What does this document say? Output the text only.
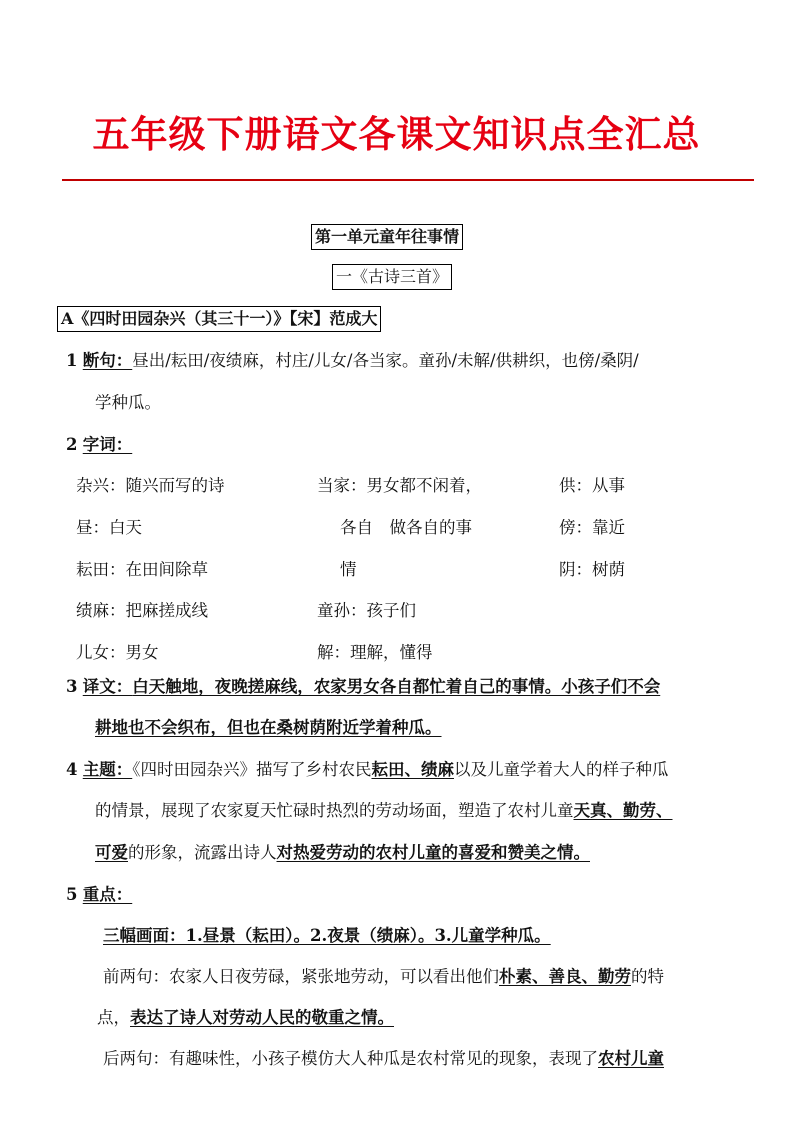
五年级下册语文各课文知识点全汇总
第一单元童年往事情
一《古诗三首》
A《四时田园杂兴（其三十一）》【宋】范成大
1 断句：昼出/耘田/夜绩麻，村庄/儿女/各当家。童孙/未解/供耕织，也傍/桑阴/
学种瓜。
2 字词：
杂兴：随兴而写的诗
昼：白天
耘田：在田间除草
绩麻：把麻搓成线
儿女：男女
当家：男女都不闲着，
各自　做各自的事
情
童孙：孩子们
解：理解，懂得
供：从事
傍：靠近
阴：树荫
3 译文：白天触地，夜晚搓麻线，农家男女各自都忙着自己的事情。小孩子们不会
耕地也不会织布，但也在桑树荫附近学着种瓜。
4 主题：《四时田园杂兴》描写了乡村农民耘田、绩麻以及儿童学着大人的样子种瓜
的情景，展现了农家夏天忙碌时热烈的劳动场面，塑造了农村儿童天真、勤劳、
可爱的形象，流露出诗人对热爱劳动的农村儿童的喜爱和赞美之情。
5 重点：
三幅画面：1.昼景（耘田）。2.夜景（绩麻）。3.儿童学种瓜。
前两句：农家人日夜劳碌，紧张地劳动，可以看出他们朴素、善良、勤劳的特
点，表达了诗人对劳动人民的敬重之情。
后两句：有趣味性，小孩子模仿大人种瓜是农村常见的现象，表现了农村儿童
